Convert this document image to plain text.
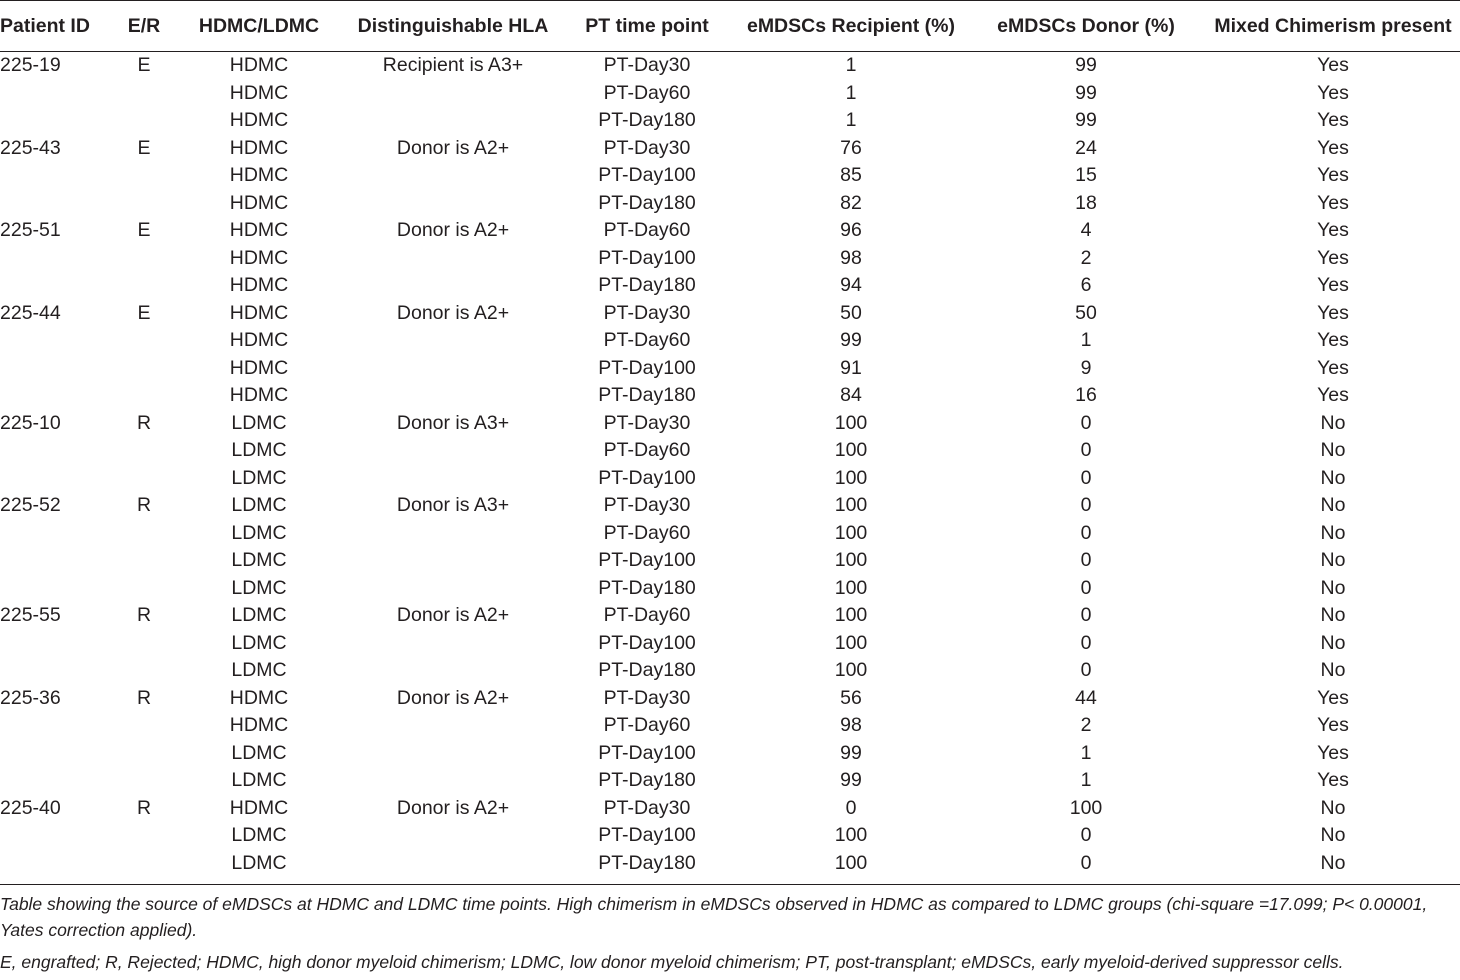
Patient ID	E/R	HDMC/LDMC	Distinguishable HLA	PT time point	eMDSCs Recipient (%)	eMDSCs Donor (%)	Mixed Chimerism present
225-19	E	HDMC	Recipient is A3+	PT-Day30	1	99	Yes
		HDMC		PT-Day60	1	99	Yes
		HDMC		PT-Day180	1	99	Yes
225-43	E	HDMC	Donor is A2+	PT-Day30	76	24	Yes
		HDMC		PT-Day100	85	15	Yes
		HDMC		PT-Day180	82	18	Yes
225-51	E	HDMC	Donor is A2+	PT-Day60	96	4	Yes
		HDMC		PT-Day100	98	2	Yes
		HDMC		PT-Day180	94	6	Yes
225-44	E	HDMC	Donor is A2+	PT-Day30	50	50	Yes
		HDMC		PT-Day60	99	1	Yes
		HDMC		PT-Day100	91	9	Yes
		HDMC		PT-Day180	84	16	Yes
225-10	R	LDMC	Donor is A3+	PT-Day30	100	0	No
		LDMC		PT-Day60	100	0	No
		LDMC		PT-Day100	100	0	No
225-52	R	LDMC	Donor is A3+	PT-Day30	100	0	No
		LDMC		PT-Day60	100	0	No
		LDMC		PT-Day100	100	0	No
		LDMC		PT-Day180	100	0	No
225-55	R	LDMC	Donor is A2+	PT-Day60	100	0	No
		LDMC		PT-Day100	100	0	No
		LDMC		PT-Day180	100	0	No
225-36	R	HDMC	Donor is A2+	PT-Day30	56	44	Yes
		HDMC		PT-Day60	98	2	Yes
		LDMC		PT-Day100	99	1	Yes
		LDMC		PT-Day180	99	1	Yes
225-40	R	HDMC	Donor is A2+	PT-Day30	0	100	No
		LDMC		PT-Day100	100	0	No
		LDMC		PT-Day180	100	0	No

Table showing the source of eMDSCs at HDMC and LDMC time points. High chimerism in eMDSCs observed in HDMC as compared to LDMC groups (chi-square =17.099; P< 0.00001, Yates correction applied).

E, engrafted; R, Rejected; HDMC, high donor myeloid chimerism; LDMC, low donor myeloid chimerism; PT, post-transplant; eMDSCs, early myeloid-derived suppressor cells.
